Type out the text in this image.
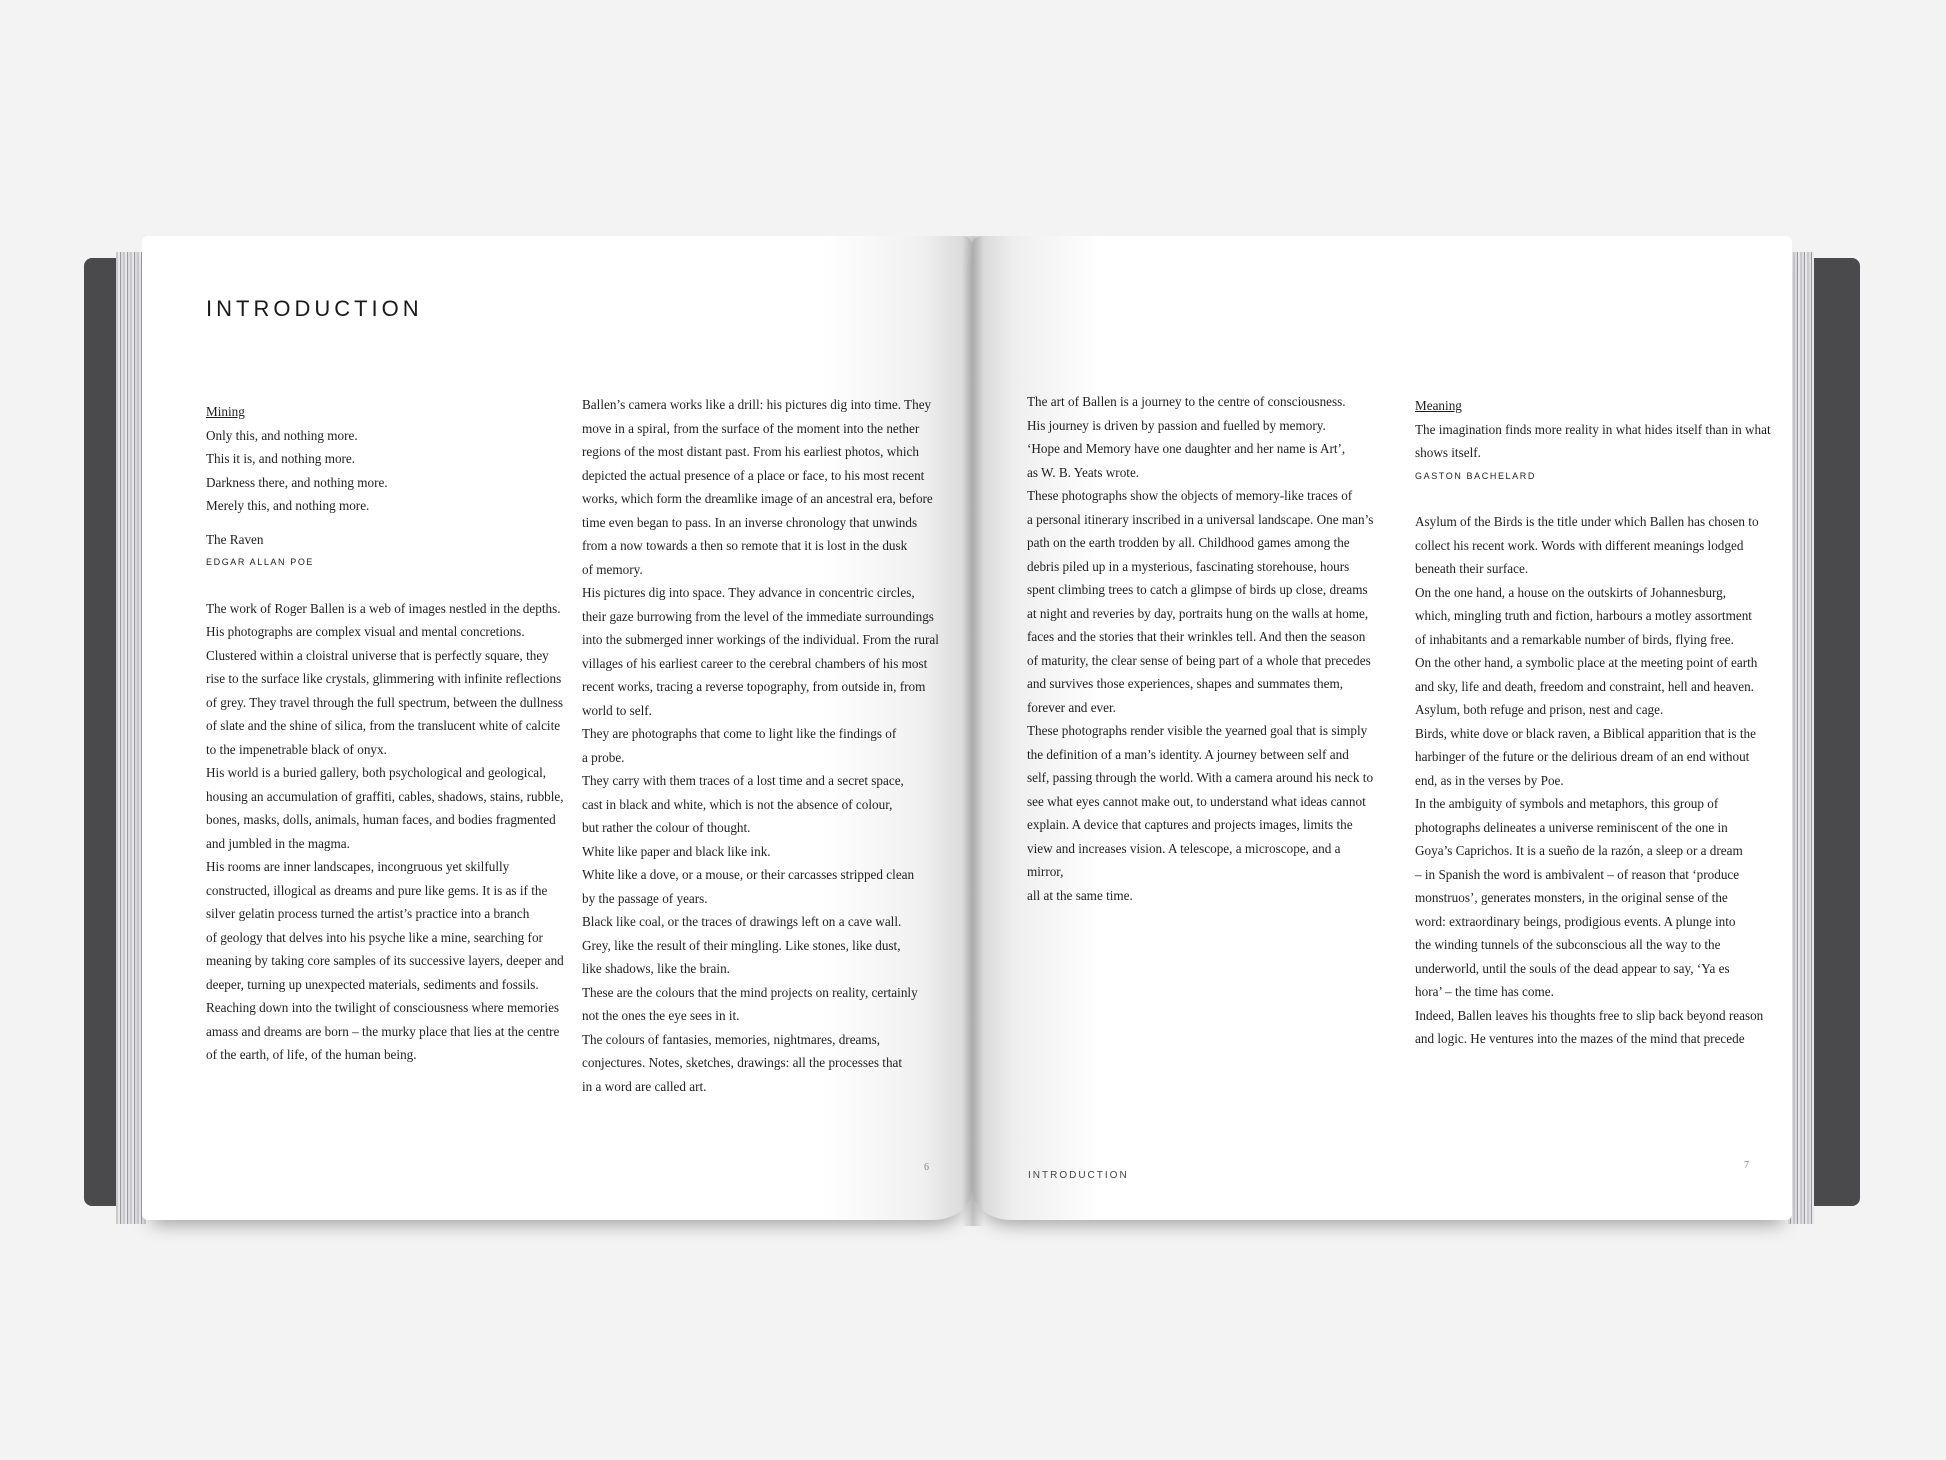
INTRODUCTION

Mining

Only this, and nothing more.

This it is, and nothing more.

Darkness there, and nothing more.

Merely this, and nothing more.

The Raven

EDGAR ALLAN POE

The work of Roger Ballen is a web of images nestled in the depths.

His photographs are complex visual and mental concretions.

Clustered within a cloistral universe that is perfectly square, they

rise to the surface like crystals, glimmering with infinite reflections

of grey. They travel through the full spectrum, between the dullness

of slate and the shine of silica, from the translucent white of calcite

to the impenetrable black of onyx.

His world is a buried gallery, both psychological and geological,

housing an accumulation of graffiti, cables, shadows, stains, rubble,

bones, masks, dolls, animals, human faces, and bodies fragmented

and jumbled in the magma.

His rooms are inner landscapes, incongruous yet skilfully

constructed, illogical as dreams and pure like gems. It is as if the

silver gelatin process turned the artist’s practice into a branch

of geology that delves into his psyche like a mine, searching for

meaning by taking core samples of its successive layers, deeper and

deeper, turning up unexpected materials, sediments and fossils.

Reaching down into the twilight of consciousness where memories

amass and dreams are born – the murky place that lies at the centre

of the earth, of life, of the human being.

Ballen’s camera works like a drill: his pictures dig into time. They

move in a spiral, from the surface of the moment into the nether

regions of the most distant past. From his earliest photos, which

depicted the actual presence of a place or face, to his most recent

works, which form the dreamlike image of an ancestral era, before

time even began to pass. In an inverse chronology that unwinds

from a now towards a then so remote that it is lost in the dusk

of memory.

His pictures dig into space. They advance in concentric circles,

their gaze burrowing from the level of the immediate surroundings

into the submerged inner workings of the individual. From the rural

villages of his earliest career to the cerebral chambers of his most

recent works, tracing a reverse topography, from outside in, from

world to self.

They are photographs that come to light like the findings of

a probe.

They carry with them traces of a lost time and a secret space,

cast in black and white, which is not the absence of colour,

but rather the colour of thought.

White like paper and black like ink.

White like a dove, or a mouse, or their carcasses stripped clean

by the passage of years.

Black like coal, or the traces of drawings left on a cave wall.

Grey, like the result of their mingling. Like stones, like dust,

like shadows, like the brain.

These are the colours that the mind projects on reality, certainly

not the ones the eye sees in it.

The colours of fantasies, memories, nightmares, dreams,

conjectures. Notes, sketches, drawings: all the processes that

in a word are called art.

The art of Ballen is a journey to the centre of consciousness.

His journey is driven by passion and fuelled by memory.

‘Hope and Memory have one daughter and her name is Art’,

as W. B. Yeats wrote.

These photographs show the objects of memory-like traces of

a personal itinerary inscribed in a universal landscape. One man’s

path on the earth trodden by all. Childhood games among the

debris piled up in a mysterious, fascinating storehouse, hours

spent climbing trees to catch a glimpse of birds up close, dreams

at night and reveries by day, portraits hung on the walls at home,

faces and the stories that their wrinkles tell. And then the season

of maturity, the clear sense of being part of a whole that precedes

and survives those experiences, shapes and summates them,

forever and ever.

These photographs render visible the yearned goal that is simply

the definition of a man’s identity. A journey between self and

self, passing through the world. With a camera around his neck to

see what eyes cannot make out, to understand what ideas cannot

explain. A device that captures and projects images, limits the

view and increases vision. A telescope, a microscope, and a mirror,

all at the same time.

Meaning

The imagination finds more reality in what hides itself than in what

shows itself.

GASTON BACHELARD

Asylum of the Birds is the title under which Ballen has chosen to

collect his recent work. Words with different meanings lodged

beneath their surface.

On the one hand, a house on the outskirts of Johannesburg,

which, mingling truth and fiction, harbours a motley assortment

of inhabitants and a remarkable number of birds, flying free.

On the other hand, a symbolic place at the meeting point of earth

and sky, life and death, freedom and constraint, hell and heaven.

Asylum, both refuge and prison, nest and cage.

Birds, white dove or black raven, a Biblical apparition that is the

harbinger of the future or the delirious dream of an end without

end, as in the verses by Poe.

In the ambiguity of symbols and metaphors, this group of

photographs delineates a universe reminiscent of the one in

Goya’s Caprichos. It is a sueño de la razón, a sleep or a dream

– in Spanish the word is ambivalent – of reason that ‘produce

monstruos’, generates monsters, in the original sense of the

word: extraordinary beings, prodigious events. A plunge into

the winding tunnels of the subconscious all the way to the

underworld, until the souls of the dead appear to say, ‘Ya es

hora’ – the time has come.

Indeed, Ballen leaves his thoughts free to slip back beyond reason

and logic. He ventures into the mazes of the mind that precede

INTRODUCTION
6	7
